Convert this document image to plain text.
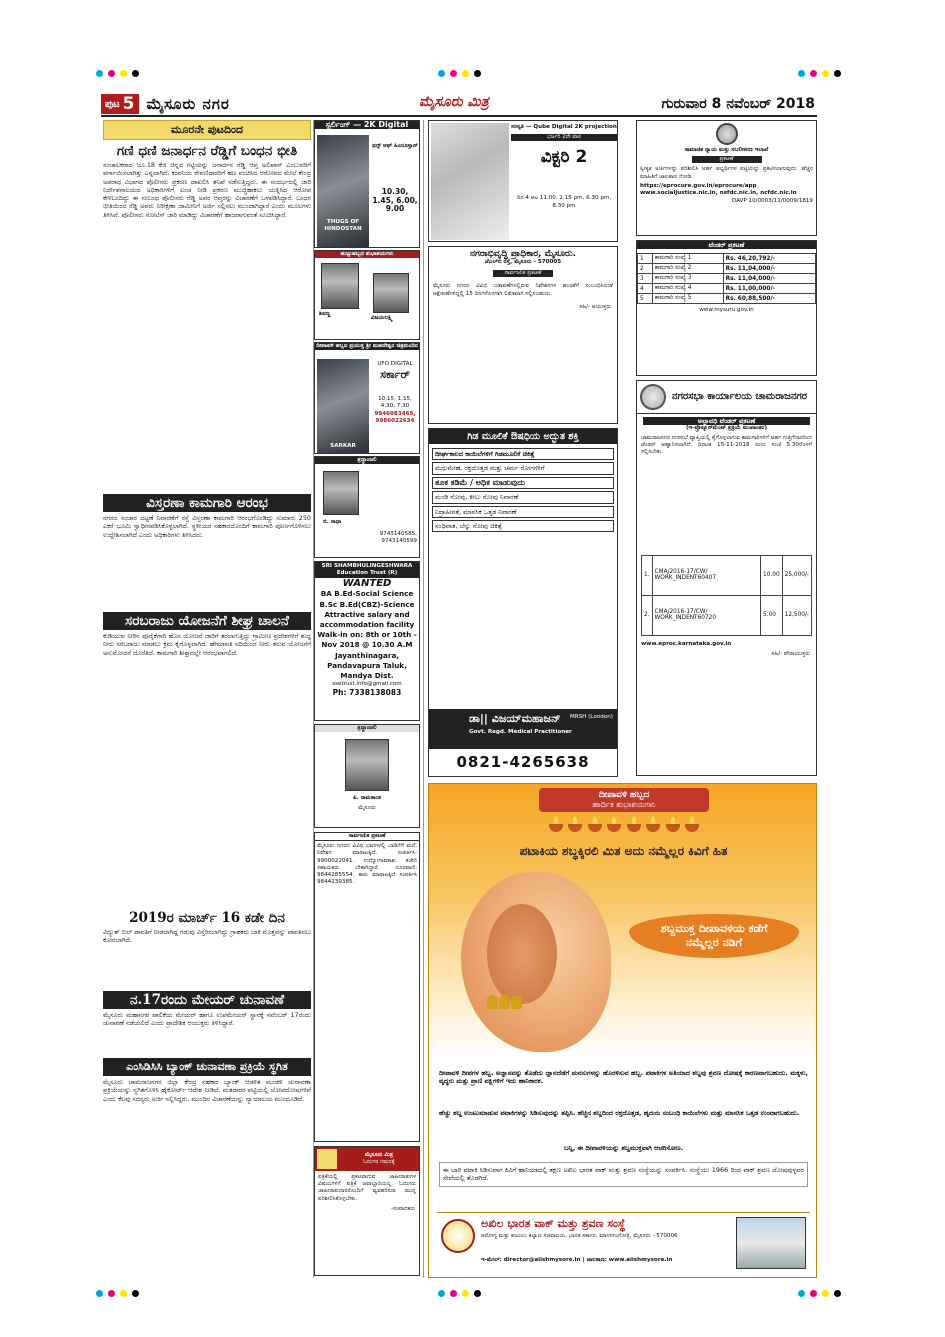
ಪುಟ 5 ಮೈಸೂರು ನಗರ	ಮೈಸೂರು ಮಿತ್ರ	ಗುರುವಾರ 8 ನವೆಂಬರ್ 2018
ಮೂರನೇ ಪುಟದಿಂದ
ಗಣಿ ಧಣಿ ಜನಾರ್ಧನ ರೆಡ್ಡಿಗೆ ಬಂಧನ ಭೀತಿ
ಸಂಚಾಲಕರಾದ ಜೂ.18 ಕೆಜಿ ಚಿನ್ನದ ಗಟ್ಟಿಯನ್ನು ಜನಾರ್ದನ ರೆಡ್ಡಿ ಆಪ್ತ ಅಲಿಖಾನ್ ಎಂಬುವರಿಗೆ ವರ್ಗಾಯಿಸಲಾಗಿತ್ತು ಎನ್ನಲಾಗಿದೆ. ಕಂಪನಿಯ ಠೇವಣಿದಾರರಿಗೆ ಹಣ ವಂಚಿಸಿದ ಆರೋಪದ ಮೇಲೆ ಕೇಂದ್ರ ಅಪರಾಧ ವಿಭಾಗದ ಪೊಲೀಸರು ಪ್ರಕರಣ ದಾಖಲಿಸಿ ತನಿಖೆ ನಡೆಸುತ್ತಿದ್ದರು. ಈ ಸಂದರ್ಭದಲ್ಲಿ ಜಾರಿ ನಿರ್ದೇಶನಾಲಯದ ಅಧಿಕಾರಿಗಳಿಗೆ ಲಂಚ ನೀಡಿ ಪ್ರಕರಣ ಮುಚ್ಚಿಹಾಕಲು ಯತ್ನಿಸಿದ ಆರೋಪ ಕೇಳಿಬಂದಿದ್ದು ಈ ಸಂಬಂಧ ಪೊಲೀಸರು ರೆಡ್ಡಿ ಅವರ ಆಪ್ತರನ್ನು ವಿಚಾರಣೆಗೆ ಒಳಪಡಿಸಿದ್ದಾರೆ. ಬಂಧನ ಭೀತಿಯಿಂದ ರೆಡ್ಡಿ ಅವರು ನಿರೀಕ್ಷಣಾ ಜಾಮೀನಿಗೆ ಅರ್ಜಿ ಸಲ್ಲಿಸಲು ಮುಂದಾಗಿದ್ದಾರೆ ಎಂದು ಮೂಲಗಳು ತಿಳಿಸಿವೆ. ಪೊಲೀಸರು ನೋಟಿಸ್ ಜಾರಿ ಮಾಡಿದ್ದು ವಿಚಾರಣೆಗೆ ಹಾಜರಾಗುವಂತೆ ಸೂಚಿಸಿದ್ದಾರೆ.
ವಿಸ್ತರಣಾ ಕಾಮಗಾರಿ ಆರಂಭ
ನಗರದ ಸಂಚಾರ ದಟ್ಟಣೆ ನಿವಾರಣೆಗೆ ರಸ್ತೆ ವಿಸ್ತರಣಾ ಕಾಮಗಾರಿ ಆರಂಭಗೊಂಡಿದ್ದು ಸುಮಾರು 250 ಎಕರೆ ಭೂಮಿ ಸ್ವಾಧೀನಪಡಿಸಿಕೊಳ್ಳಲಾಗಿದೆ. ಸ್ಥಳೀಯರ ಸಹಕಾರದೊಂದಿಗೆ ಕಾಮಗಾರಿ ಪೂರ್ಣಗೊಳಿಸಲು ಉದ್ದೇಶಿಸಲಾಗಿದೆ ಎಂದು ಅಧಿಕಾರಿಗಳು ತಿಳಿಸಿದರು.
ಸರಬರಾಜು ಯೋಜನೆಗೆ ಶೀಘ್ರ ಚಾಲನೆ
ಕುಡಿಯುವ ನೀರಿನ ಪೂರೈಕೆಗಾಗಿ ಹೊಸ ಯೋಜನೆ ಜಾರಿಗೆ ತರಲಾಗುತ್ತಿದ್ದು ಗ್ರಾಮೀಣ ಪ್ರದೇಶಗಳಿಗೆ ಶುದ್ಧ ನೀರು ಸರಬರಾಜು ಮಾಡಲು ಕ್ರಮ ಕೈಗೊಳ್ಳಲಾಗಿದೆ. ಹೇಮಾವತಿ ನದಿಯಿಂದ ನೀರು ತರುವ ಯೋಜನೆಗೆ ಅನುಮೋದನೆ ದೊರೆತಿದೆ. ಕಾಮಗಾರಿ ಶೀಘ್ರದಲ್ಲೇ ಆರಂಭವಾಗಲಿದೆ.
2019ರ ಮಾರ್ಚ್ 16 ಕಡೇ ದಿನ
ವಿದ್ಯುತ್ ಬಿಲ್ ಪಾವತಿಗೆ ನೀಡಲಾಗಿದ್ದ ಗಡುವು ವಿಸ್ತರಿಸಲಾಗಿದ್ದು ಗ್ರಾಹಕರು ಬಾಕಿ ಮೊತ್ತವನ್ನು ಪಾವತಿಸಲು ಕೋರಲಾಗಿದೆ.
ನ.17ರಂದು ಮೇಯರ್ ಚುನಾವಣೆ
ಮೈಸೂರು ಮಹಾನಗರ ಪಾಲಿಕೆಯ ಮೇಯರ್ ಹಾಗೂ ಉಪಮೇಯರ್ ಸ್ಥಾನಕ್ಕೆ ನವೆಂಬರ್ 17ರಂದು ಚುನಾವಣೆ ನಡೆಯಲಿದೆ ಎಂದು ಪ್ರಾದೇಶಿಕ ಆಯುಕ್ತರು ತಿಳಿಸಿದ್ದಾರೆ.
ಎಂಸಿಡಿಸಿಸಿ ಬ್ಯಾಂಕ್ ಚುನಾವಣಾ ಪ್ರಕ್ರಿಯೆ ಸ್ಥಗಿತ
ಮೈಸೂರು ಚಾಮರಾಜನಗರ ಜಿಲ್ಲಾ ಕೇಂದ್ರ ಸಹಕಾರ ಬ್ಯಾಂಕ್ ಆಡಳಿತ ಮಂಡಳಿ ಚುನಾವಣಾ ಪ್ರಕ್ರಿಯೆಯನ್ನು ಸ್ಥಗಿತಗೊಳಿಸಿ ಹೈಕೋರ್ಟ್ ಆದೇಶ ನೀಡಿದೆ. ಮತದಾರರ ಪಟ್ಟಿಯಲ್ಲಿ ಲೋಪದೋಷಗಳಿವೆ ಎಂದು ಕೆಲವು ಸದಸ್ಯರು ಅರ್ಜಿ ಸಲ್ಲಿಸಿದ್ದರು. ಮುಂದಿನ ವಿಚಾರಣೆಯನ್ನು ನ್ಯಾಯಾಲಯ ಮುಂದೂಡಿದೆ.
ಸ್ಟರ್ಲಿಂಗ್ — 2K Digital
THUGS OF HINDOSTAN
ಥಗ್ಸ್ ಆಫ್ ಹಿಂದೂಸ್ತಾನ್
10.30, 1.45, 6.00, 9.00
ಹುಟ್ಟುಹಬ್ಬದ ಶುಭಾಶಯಗಳು
ಶಿವಣ್ಣ
ವಿಜಯಲಕ್ಷ್ಮಿ
ದೀಪಾವಳಿ ಹಬ್ಬದ ಪ್ರಯುಕ್ತ ಶ್ರೀ ಮಹದೇಶ್ವರ ಚಿತ್ರಮಂದಿರ
SARKAR
UFO DIGITAL
ಸರ್ಕಾರ್
10.15, 1.15, 4.30, 7.30
9946083465, 9986022634
ಶ್ರದ್ಧಾಂಜಲಿ
ಬಿ. ರಾಧಾ
9743140585, 9743140599
SRI SHAMBHULINGESHWARA Education Trust (R)
WANTED
BA B.Ed-Social Science B.Sc B.Ed(CBZ)-Science Attractive salary and accommodation facility Walk-in on: 8th or 10th - Nov 2018 @ 10.30 A.M Jayanthinagara, Pandavapura Taluk, Mandya Dist.
ssetrust.info@gmail.com
Ph: 7338138083
ಶ್ರದ್ಧಾಂಜಲಿ
ಪಿ. ರಾಮಕಾಂತ
ಮೈಸೂರು
ಸಾರ್ವಜನಿಕ ಪ್ರಕಟಣೆ
ಮೈಸೂರು ನಗರದ ವಿವಿಧ ಭಾಗಗಳಲ್ಲಿ ಬಾಡಿಗೆಗೆ ಮನೆ, ನಿವೇಶನ ಮಾರಾಟಕ್ಕಿದೆ. ಸಂಪರ್ಕಿಸಿ: 9900022041. ಉದ್ಯೋಗಾವಕಾಶ: ಕಚೇರಿ ಸಹಾಯಕರು ಬೇಕಾಗಿದ್ದಾರೆ. ದೂರವಾಣಿ: 9844285554. ಕಾರು ಮಾರಾಟಕ್ಕಿದೆ ಸಂಪರ್ಕಿಸಿ 9844239385.
ಮೈಸೂರು ಮಿತ್ರ
ಓದುಗರ ಗಮನಕ್ಕೆ
ಪತ್ರಿಕೆಯಲ್ಲಿ ಪ್ರಕಟವಾಗುವ ಜಾಹೀರಾತುಗಳ ವಿಷಯಗಳಿಗೆ ಪತ್ರಿಕೆ ಜವಾಬ್ದಾರಿಯಲ್ಲ. ಓದುಗರು ಜಾಹೀರಾತುದಾರರೊಂದಿಗೆ ವ್ಯವಹರಿಸುವ ಮುನ್ನ ಪರಿಶೀಲಿಸಿಕೊಳ್ಳಬೇಕು.
-ಸಂಪಾದಕರು
ಸರಸ್ವತಿ — Qube Digital 2K projection
ಭರ್ಜರಿ 2ನೇ ವಾರ
ವಿಕ್ಟರಿ 2
ದಿನ 4 ಆಟ 11.00, 2.15 pm, 6.30 pm, 8.30 pm
ನಗರಾಭಿವೃದ್ಧಿ ಪ್ರಾಧಿಕಾರ, ಮೈಸೂರು.
ಜೆಎಲ್‌ಬಿ ರಸ್ತೆ, ಮೈಸೂರು - 570005
ಸಾರ್ವಜನಿಕ ಪ್ರಕಟಣೆ
ಮೈಸೂರು ನಗರದ ವಿವಿಧ ಬಡಾವಣೆಗಳಲ್ಲಿರುವ ನಿವೇಶನಗಳ ಹಂಚಿಕೆಗೆ ಸಂಬಂಧಿಸಿದಂತೆ ಆಕ್ಷೇಪಣೆಗಳಿದ್ದಲ್ಲಿ 15 ದಿನಗಳೊಳಗಾಗಿ ಲಿಖಿತವಾಗಿ ಸಲ್ಲಿಸಬಹುದು.
ಸಹಿ/- ಆಯುಕ್ತರು
ಗಿಡ ಮೂಲಿಕೆ ಔಷಧಿಯ ಅದ್ಭುತ ಶಕ್ತಿ
ದೀರ್ಘಕಾಲದ ಕಾಯಿಲೆಗಳಿಗೆ ಗಿಡಮೂಲಿಕೆ ಚಿಕಿತ್ಸೆ
ಮಧುಮೇಹ, ರಕ್ತದೊತ್ತಡ ಮತ್ತು ಚರ್ಮ ರೋಗಗಳಿಗೆ
ತೂಕ ಕಡಿಮೆ / ಅಧಿಕ ಮಾಡುವುದು
ಮಂಡಿ ನೋವು, ಕೀಲು ನೋವು ನಿವಾರಣೆ
ನಿದ್ರಾಹೀನತೆ, ಮಾನಸಿಕ ಒತ್ತಡ ನಿವಾರಣೆ
ಸಂಧಿವಾತ, ಬೆನ್ನು ನೋವು ಚಿಕಿತ್ಸೆ
ಡಾ|| ವಿಜಯ್‌ಮಹಾಜನ್ MRSH (London)
Govt. Regd. Medical Practitioner
0821-4265638
ಸಾಮಾಜಿಕ ನ್ಯಾಯ ಮತ್ತು ಸಬಲೀಕರಣ ಇಲಾಖೆ
ಪ್ರಕಟಣೆ
ಸ್ವೀಕೃತ ಅರ್ಜಿಗಳನ್ನು ಪರಿಶೀಲಿಸಿ ಅರ್ಹ ಅಭ್ಯರ್ಥಿಗಳ ಪಟ್ಟಿಯನ್ನು ಪ್ರಕಟಿಸಲಾಗುವುದು. ಹೆಚ್ಚಿನ ಮಾಹಿತಿಗೆ ಜಾಲತಾಣ ನೋಡಿ.
https://eprocure.gov.in/eprocure/app www.socialjustice.nic.in, nsfdc.nic.in, ncfdc.nic.in
DAVP 10/0003/11/0009/1819
ಟೆಂಡರ್ ಪ್ರಕಟಣೆ
1	ಕಾಮಗಾರಿ ಸಂಖ್ಯೆ 1	Rs. 46,20,792/-
2	ಕಾಮಗಾರಿ ಸಂಖ್ಯೆ 2	Rs. 11,04,000/-
3	ಕಾಮಗಾರಿ ಸಂಖ್ಯೆ 3	Rs. 11,04,000/-
4	ಕಾಮಗಾರಿ ಸಂಖ್ಯೆ 4	Rs. 11,00,000/-
5	ಕಾಮಗಾರಿ ಸಂಖ್ಯೆ 5	Rs. 60,88,500/-
www.mysuru.gov.in
ನಗರಸಭಾ ಕಾರ್ಯಾಲಯ ಚಾಮರಾಜನಗರ
ಅಲ್ಪಾವಧಿ ಟೆಂಡರ್ ಪ್ರಕಟಣೆ
(ಇ-ಪ್ರೊಕ್ಯೂರ್‌ಮೆಂಟ್ ಪ್ರಕ್ರಿಯೆ ಮುಖಾಂತರ)
ಚಾಮರಾಜನಗರ ನಗರಸಭೆ ವ್ಯಾಪ್ತಿಯಲ್ಲಿ ಕೈಗೊಳ್ಳಲಾಗುವ ಕಾಮಗಾರಿಗಳಿಗೆ ಅರ್ಹ ಗುತ್ತಿಗೆದಾರರಿಂದ ಟೆಂಡರ್ ಆಹ್ವಾನಿಸಲಾಗಿದೆ. ದಿನಾಂಕ 15-11-2018 ರಂದು ಸಂಜೆ 5.30ರೊಳಗೆ ಸಲ್ಲಿಸಬೇಕು.
1.	CMA/2016-17/CW/ WORK_INDENT60407	10.00	25,000/-
2.	CMA/2016-17/CW/ WORK_INDENT60720	5.00	12,500/-
www.eproc.karnataka.gov.in
ಸಹಿ/- ಪೌರಾಯುಕ್ತರು
ದೀಪಾವಳಿ ಹಬ್ಬದ
ಹಾರ್ದಿಕ ಶುಭಾಶಯಗಳು
ಪಟಾಕಿಯ ಶಬ್ಧಕ್ಕಿರಲಿ ಮಿತ ಅದು ನಮ್ಮೆಲ್ಲರ ಕಿವಿಗೆ ಹಿತ
ಶಬ್ದಮುಕ್ತ ದೀಪಾವಳಿಯ ಕಡೆಗೆ
ನಮ್ಮೆಲ್ಲರ ನಡಿಗೆ
ದೀಪಾವಳಿ ದೀಪಗಳ ಹಬ್ಬ. ಅಜ್ಞಾನವನ್ನು ತೊಡೆದು ಜ್ಞಾನದೆಡೆಗೆ ಮನಸುಗಳನ್ನು ಹೊರಳಿಸುವ ಹಬ್ಬ. ಪಟಾಕಿಗಳ ಅತಿಯಾದ ಶಬ್ದವು ಶ್ರವಣ ದೋಷಕ್ಕೆ ಕಾರಣವಾಗಬಹುದು. ಮಕ್ಕಳು, ವೃದ್ಧರು ಮತ್ತು ಪ್ರಾಣಿ ಪಕ್ಷಿಗಳಿಗೆ ಇದು ಹಾನಿಕಾರಕ.
ಹೆಚ್ಚು ಶಬ್ದ ಉಂಟುಮಾಡುವ ಪಟಾಕಿಗಳನ್ನು ಸಿಡಿಸುವುದನ್ನು ತಪ್ಪಿಸಿ. ಹೆಚ್ಚಿನ ಶಬ್ದದಿಂದ ರಕ್ತದೊತ್ತಡ, ಹೃದಯ ಸಂಬಂಧಿ ಕಾಯಿಲೆಗಳು ಮತ್ತು ಮಾನಸಿಕ ಒತ್ತಡ ಉಂಟಾಗಬಹುದು.
ಬನ್ನಿ, ಈ ದೀಪಾವಳಿಯನ್ನು ಶಬ್ದಮುಕ್ತವಾಗಿ ಆಚರಿಸೋಣ.
ಈ ಬಾರಿ ಪಟಾಕಿ ಸಿಡಿಸುವಾಗ ಕಿವಿಗೆ ಹಾನಿಯಾದಲ್ಲಿ ತಕ್ಷಣ ಅಖಿಲ ಭಾರತ ವಾಕ್ ಮತ್ತು ಶ್ರವಣ ಸಂಸ್ಥೆಯನ್ನು ಸಂಪರ್ಕಿಸಿ. ಸಂಸ್ಥೆಯು 1966 ರಿಂದ ವಾಕ್ ಶ್ರವಣ ದೋಷವುಳ್ಳವರ ಸೇವೆಯಲ್ಲಿ ತೊಡಗಿದೆ.
ಅಖಿಲ ಭಾರತ ವಾಕ್ ಮತ್ತು ಶ್ರವಣ ಸಂಸ್ಥೆ
ಆರೋಗ್ಯ ಮತ್ತು ಕುಟುಂಬ ಕಲ್ಯಾಣ ಸಚಿವಾಲಯ, ಭಾರತ ಸರ್ಕಾರ, ಮಾನಸಗಂಗೋತ್ರಿ, ಮೈಸೂರು - 570006
ಇ-ಮೇಲ್: director@aiishmysore.in | ಜಾಲತಾಣ: www.aiishmysore.in
